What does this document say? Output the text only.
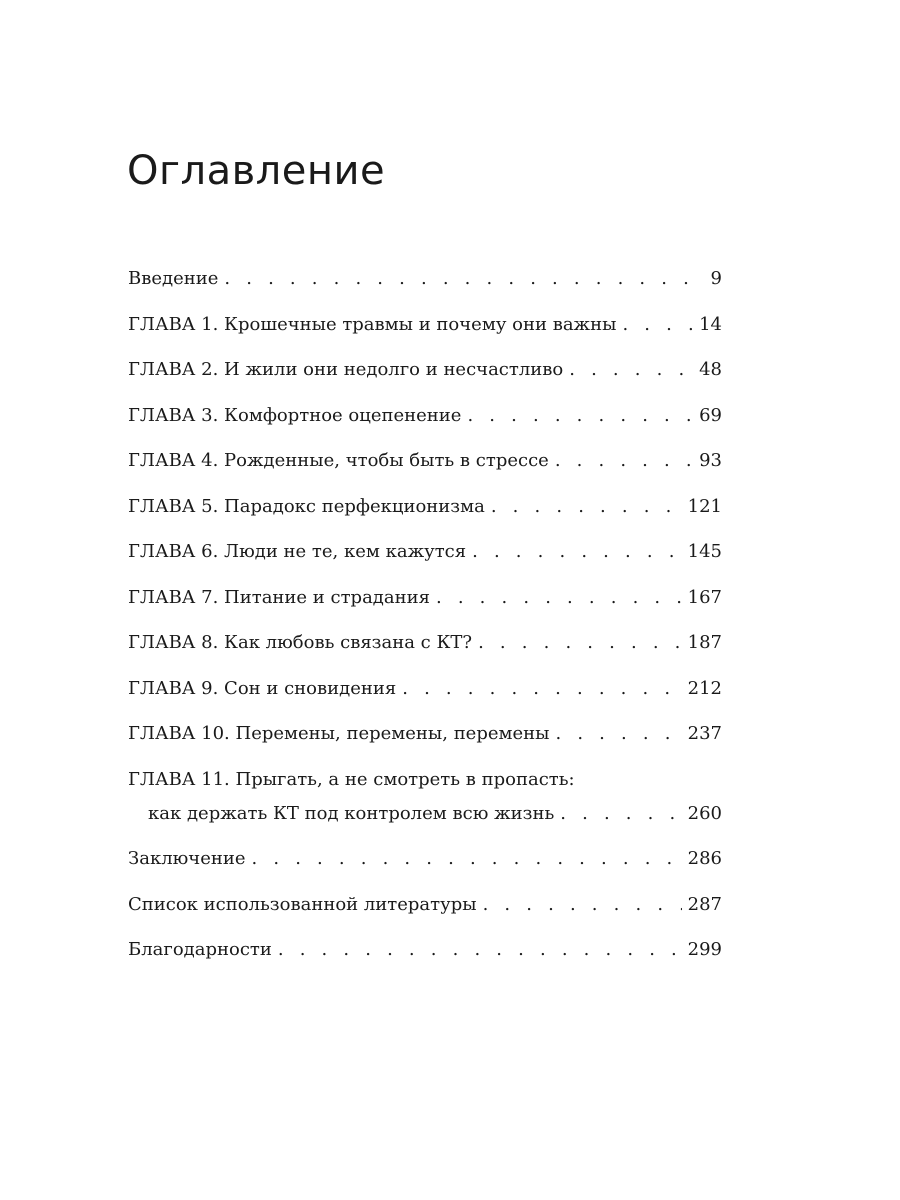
Оглавление
Введение . . .	9
ГЛАВА 1. Крошечные травмы и почему они важны . . .	14
ГЛАВА 2. И жили они недолго и несчастливо . . .	48
ГЛАВА 3. Комфортное оцепенение . . .	69
ГЛАВА 4. Рожденные, чтобы быть в стрессе . . .	93
ГЛАВА 5. Парадокс перфекционизма . . .	121
ГЛАВА 6. Люди не те, кем кажутся . . .	145
ГЛАВА 7. Питание и страдания . . .	167
ГЛАВА 8. Как любовь связана с КТ? . . .	187
ГЛАВА 9. Сон и сновидения . . .	212
ГЛАВА 10. Перемены, перемены, перемены . . .	237
ГЛАВА 11. Прыгать, а не смотреть в пропасть:
как держать КТ под контролем всю жизнь . . .	260
Заключение . . .	286
Список использованной литературы . . .	287
Благодарности . . .	299
